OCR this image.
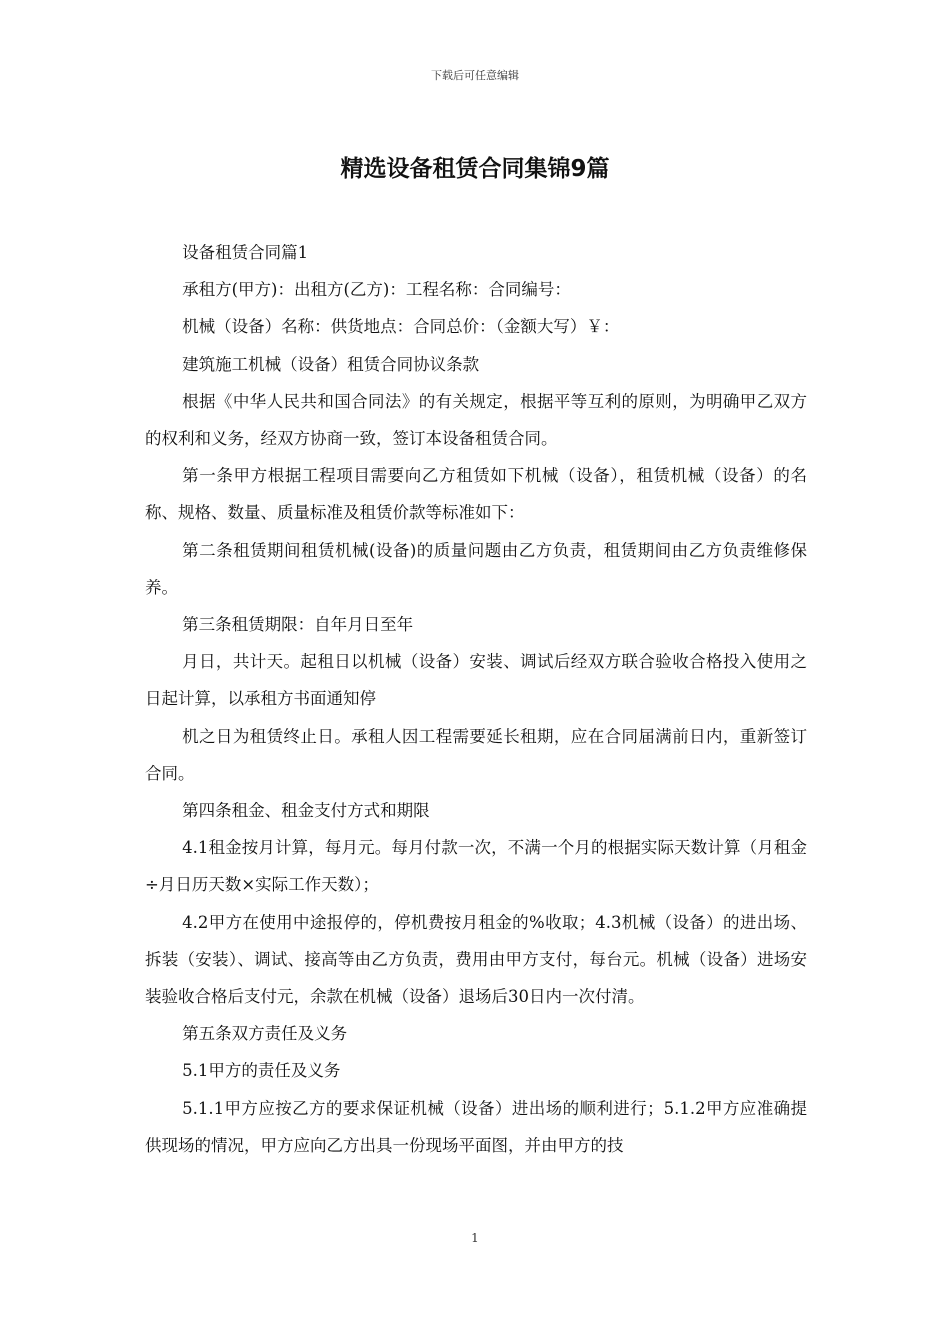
下载后可任意编辑
精选设备租赁合同集锦9篇

设备租赁合同篇1

承租方(甲方)：出租方(乙方)：工程名称：合同编号：

机械（设备）名称：供货地点：合同总价：（金额大写）￥：

建筑施工机械（设备）租赁合同协议条款

根据《中华人民共和国合同法》的有关规定，根据平等互利的原则，为明确甲乙双方的权利和义务，经双方协商一致，签订本设备租赁合同。

第一条甲方根据工程项目需要向乙方租赁如下机械（设备），租赁机械（设备）的名称、规格、数量、质量标准及租赁价款等标准如下：

第二条租赁期间租赁机械(设备)的质量问题由乙方负责，租赁期间由乙方负责维修保养。

第三条租赁期限：自年月日至年

月日，共计天。起租日以机械（设备）安装、调试后经双方联合验收合格投入使用之日起计算，以承租方书面通知停

机之日为租赁终止日。承租人因工程需要延长租期，应在合同届满前日内，重新签订合同。

第四条租金、租金支付方式和期限

4.1租金按月计算，每月元。每月付款一次，不满一个月的根据实际天数计算（月租金÷月日历天数×实际工作天数）；

4.2甲方在使用中途报停的，停机费按月租金的%收取；4.3机械（设备）的进出场、拆装（安装）、调试、接高等由乙方负责，费用由甲方支付，每台元。机械（设备）进场安装验收合格后支付元，余款在机械（设备）退场后30日内一次付清。

第五条双方责任及义务

5.1甲方的责任及义务

5.1.1甲方应按乙方的要求保证机械（设备）进出场的顺利进行；5.1.2甲方应准确提供现场的情况，甲方应向乙方出具一份现场平面图，并由甲方的技

1
